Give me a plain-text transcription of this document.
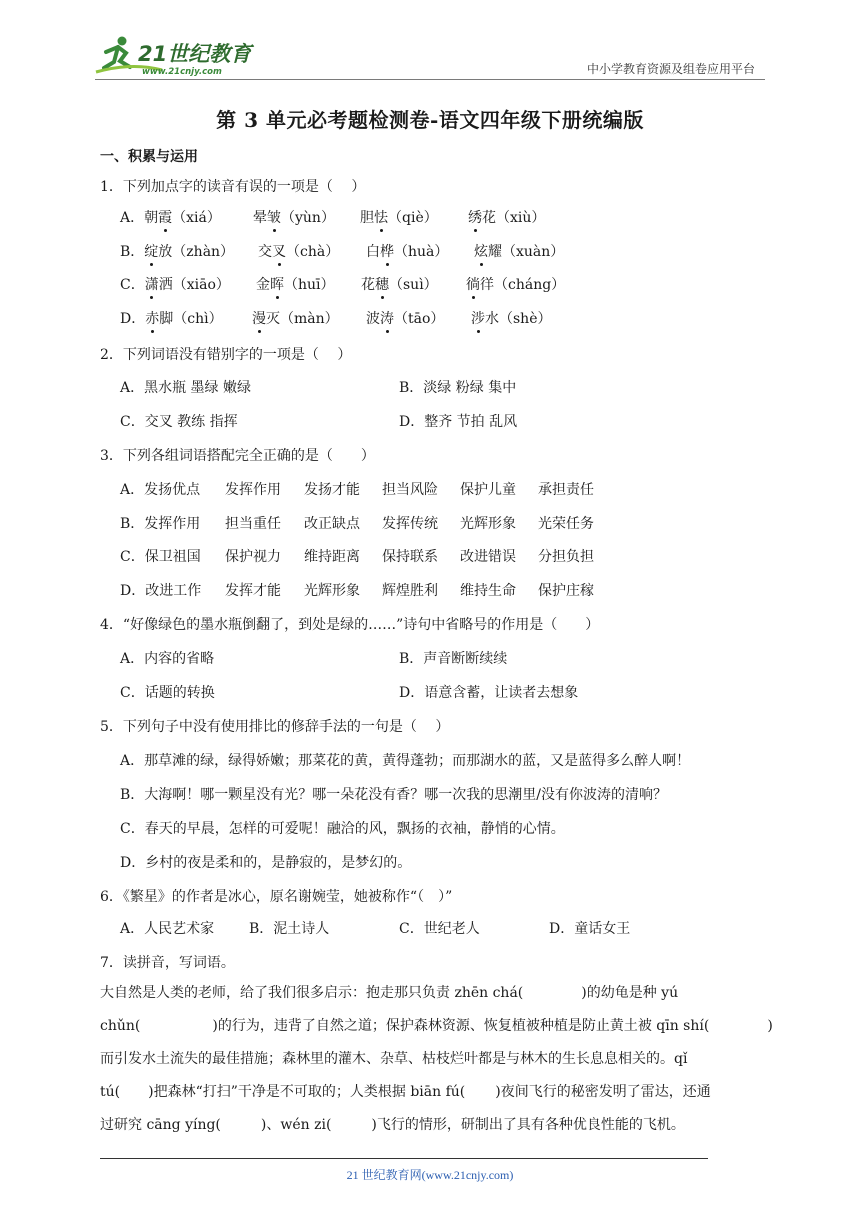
21世纪教育
www.21cnjy.com	中小学教育资源及组卷应用平台
第 3 单元必考题检测卷-语文四年级下册统编版
一、积累与运用
1．下列加点字的读音有误的一项是（　 ）
A．朝霞（xiá） 晕皱（yùn） 胆怯（qiè） 绣花（xiù）
B．绽放（zhàn） 交叉（chà） 白桦（huà） 炫耀（xuàn）
C．潇洒（xiāo） 金晖（huī） 花穗（suì） 徜徉（cháng）
D．赤脚（chì） 漫灭（màn） 波涛（tāo） 涉水（shè）
2．下列词语没有错别字的一项是（　 ）
A．黑水瓶 墨绿 嫩绿	B．淡绿 粉绿 集中
C．交叉 教练 指挥	D．整齐 节拍 乱风
3．下列各组词语搭配完全正确的是（　　）
A．发扬优点 发挥作用 发扬才能 担当风险 保护儿童 承担责任
B．发挥作用 担当重任 改正缺点 发挥传统 光辉形象 光荣任务
C．保卫祖国 保护视力 维持距离 保持联系 改进错误 分担负担
D．改进工作 发挥才能 光辉形象 辉煌胜利 维持生命 保护庄稼
4．“好像绿色的墨水瓶倒翻了，到处是绿的……”诗句中省略号的作用是（　　）
A．内容的省略	B．声音断断续续
C．话题的转换	D．语意含蓄，让读者去想象
5．下列句子中没有使用排比的修辞手法的一句是（　 ）
A．那草滩的绿，绿得娇嫩；那菜花的黄，黄得蓬勃；而那湖水的蓝，又是蓝得多么醉人啊！
B．大海啊！哪一颗星没有光？哪一朵花没有香？哪一次我的思潮里/没有你波涛的清响？
C．春天的早晨，怎样的可爱呢！融洽的风，飘扬的衣袖，静悄的心情。
D．乡村的夜是柔和的，是静寂的，是梦幻的。
6．《繁星》的作者是冰心，原名谢婉莹，她被称作“（　）”
A．人民艺术家 B．泥土诗人	C．世纪老人	D．童话女王
7．读拼音，写词语。
大自然是人类的老师，给了我们很多启示：抱走那只负责 zhēn chá(	)的幼龟是种 yú
chǔn(	)的行为，违背了自然之道；保护森林资源、恢复植被种植是防止黄土被 qīn shí(	)
而引发水土流失的最佳措施；森林里的灌木、杂草、枯枝烂叶都是与林木的生长息息相关的。qǐ
tú( )把森林“打扫”干净是不可取的；人类根据 biān fú( )夜间飞行的秘密发明了雷达，还通
过研究 cāng yíng(	)、wén zi(	)飞行的情形，研制出了具有各种优良性能的飞机。
21 世纪教育网(www.21cnjy.com)
